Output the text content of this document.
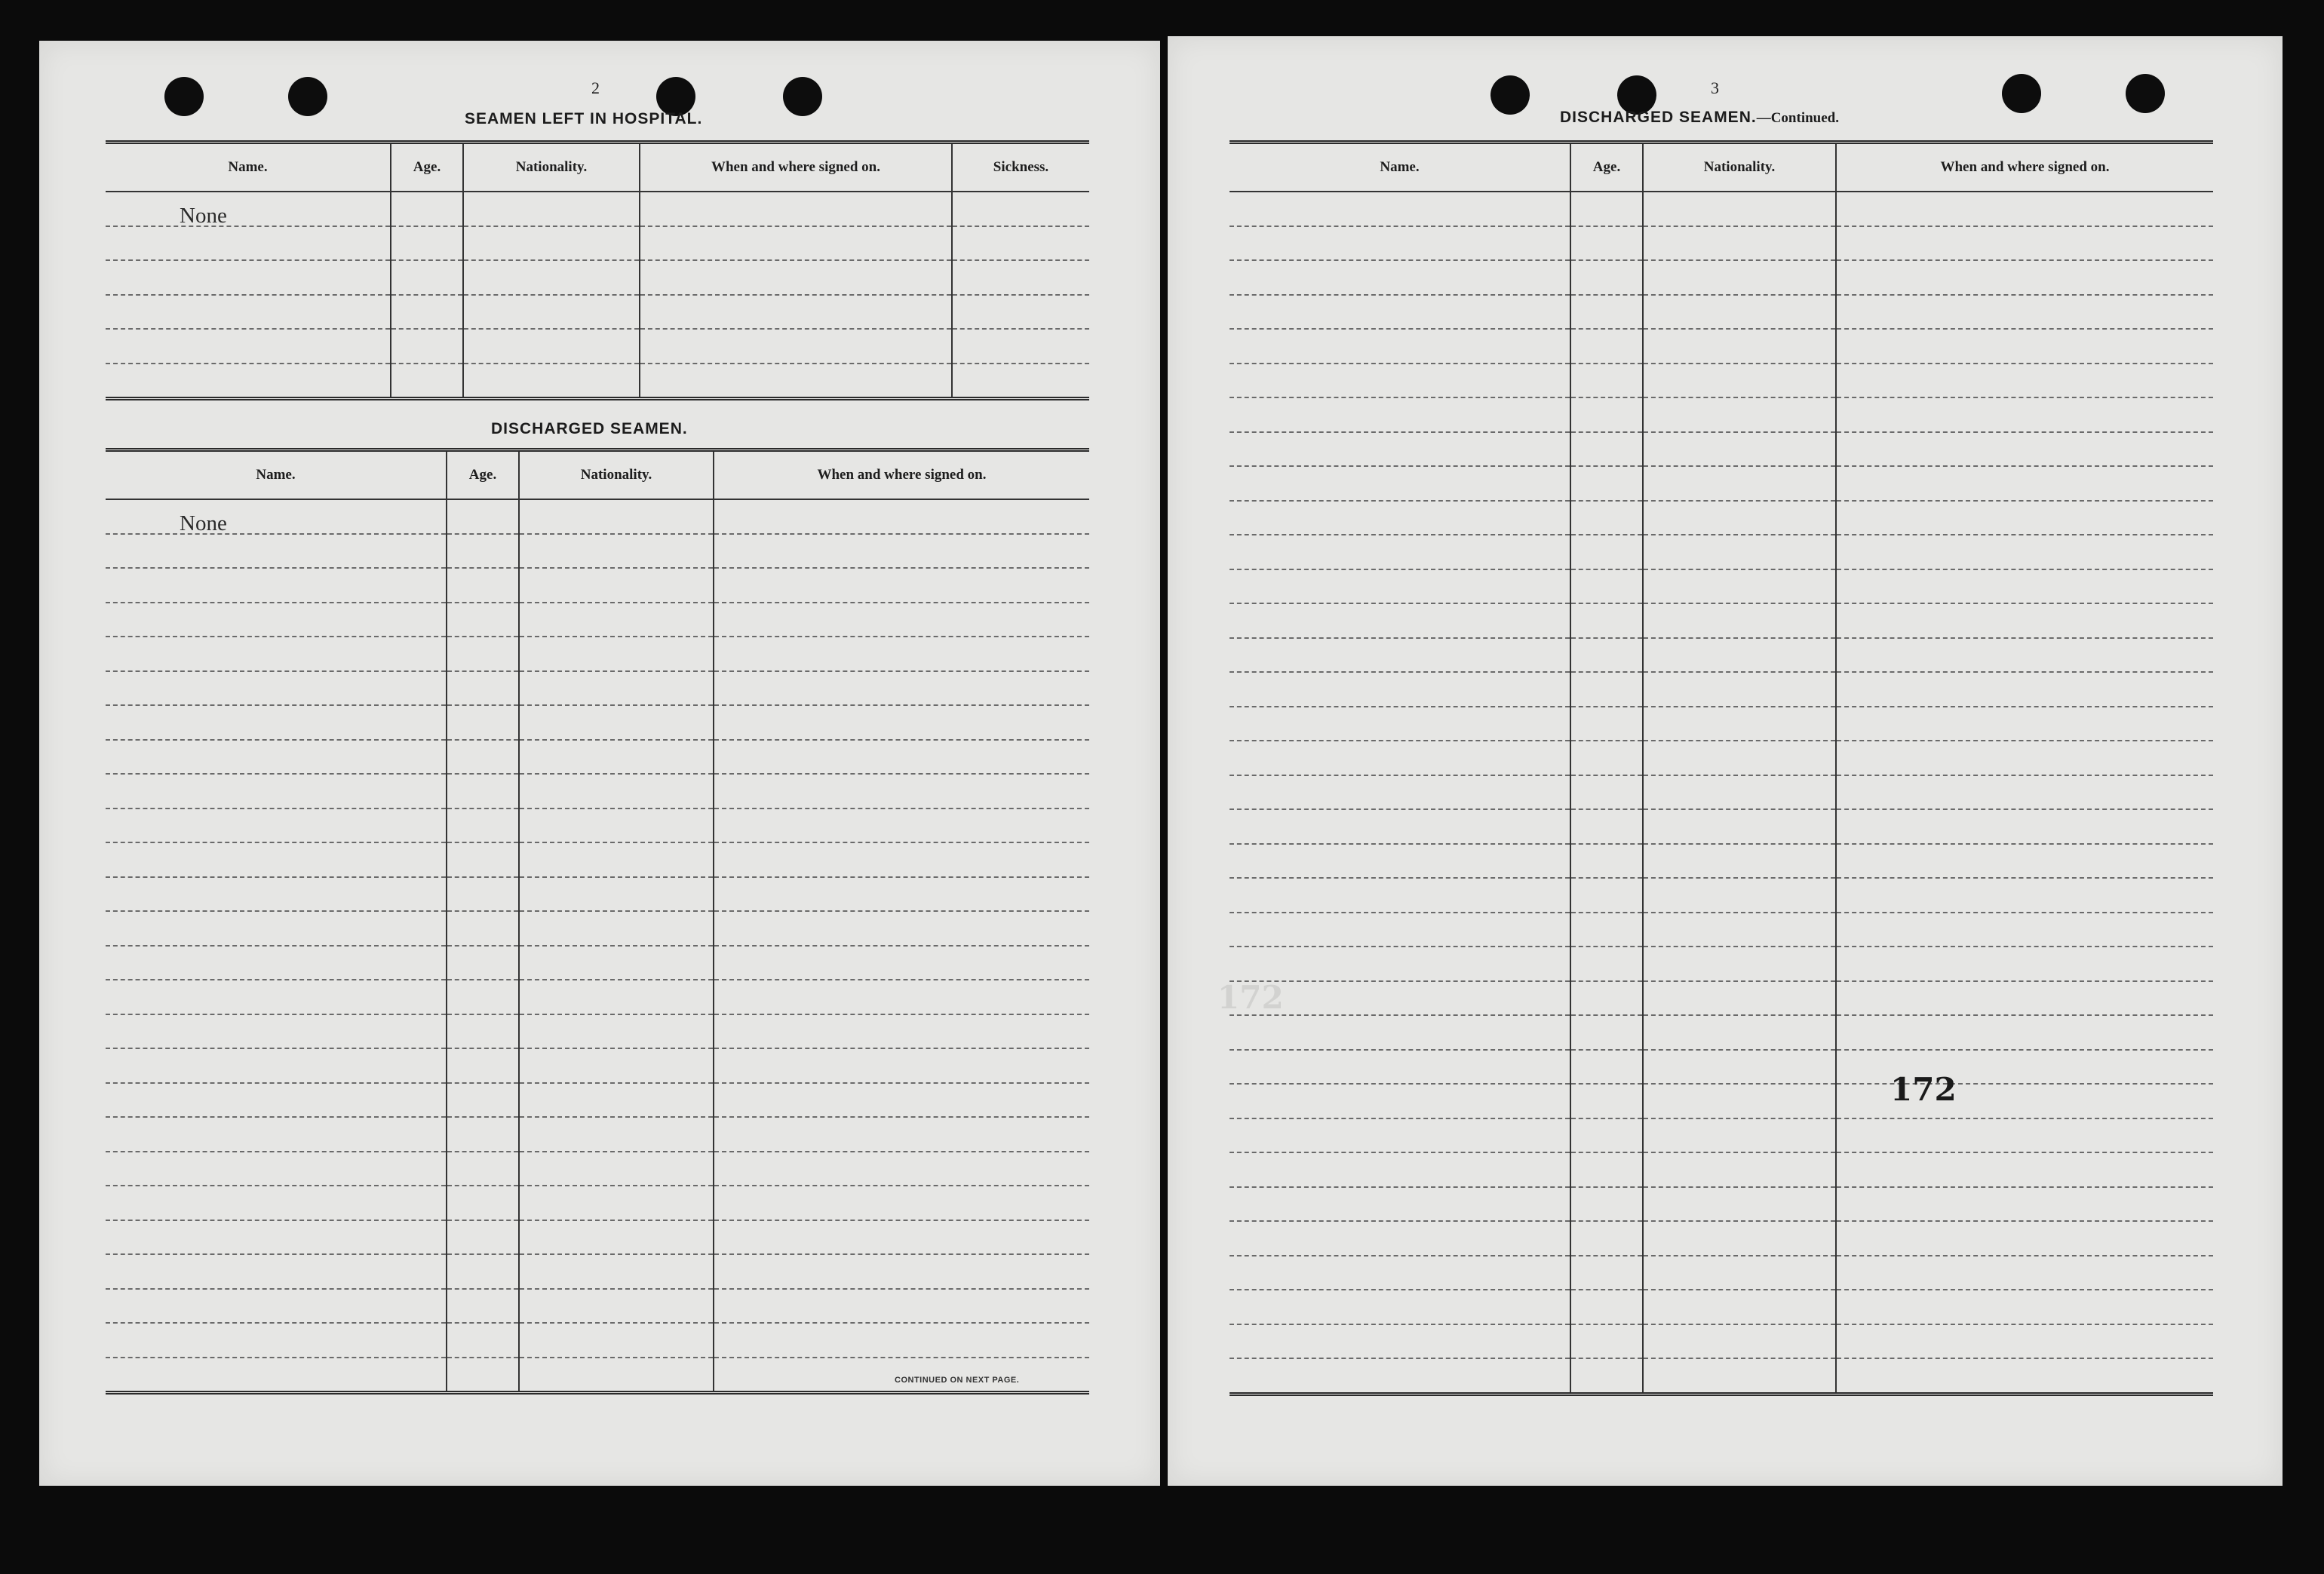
2
SEAMEN LEFT IN HOSPITAL.
Name.	Age.	Nationality.	When and where signed on.	Sickness.
None				

DISCHARGED SEAMEN.
Name.	Age.	Nationality.	When and where signed on.
None			

CONTINUED ON NEXT PAGE.
3
DISCHARGED SEAMEN.—Continued.
Name.	Age.	Nationality.	When and where signed on.

172
172
